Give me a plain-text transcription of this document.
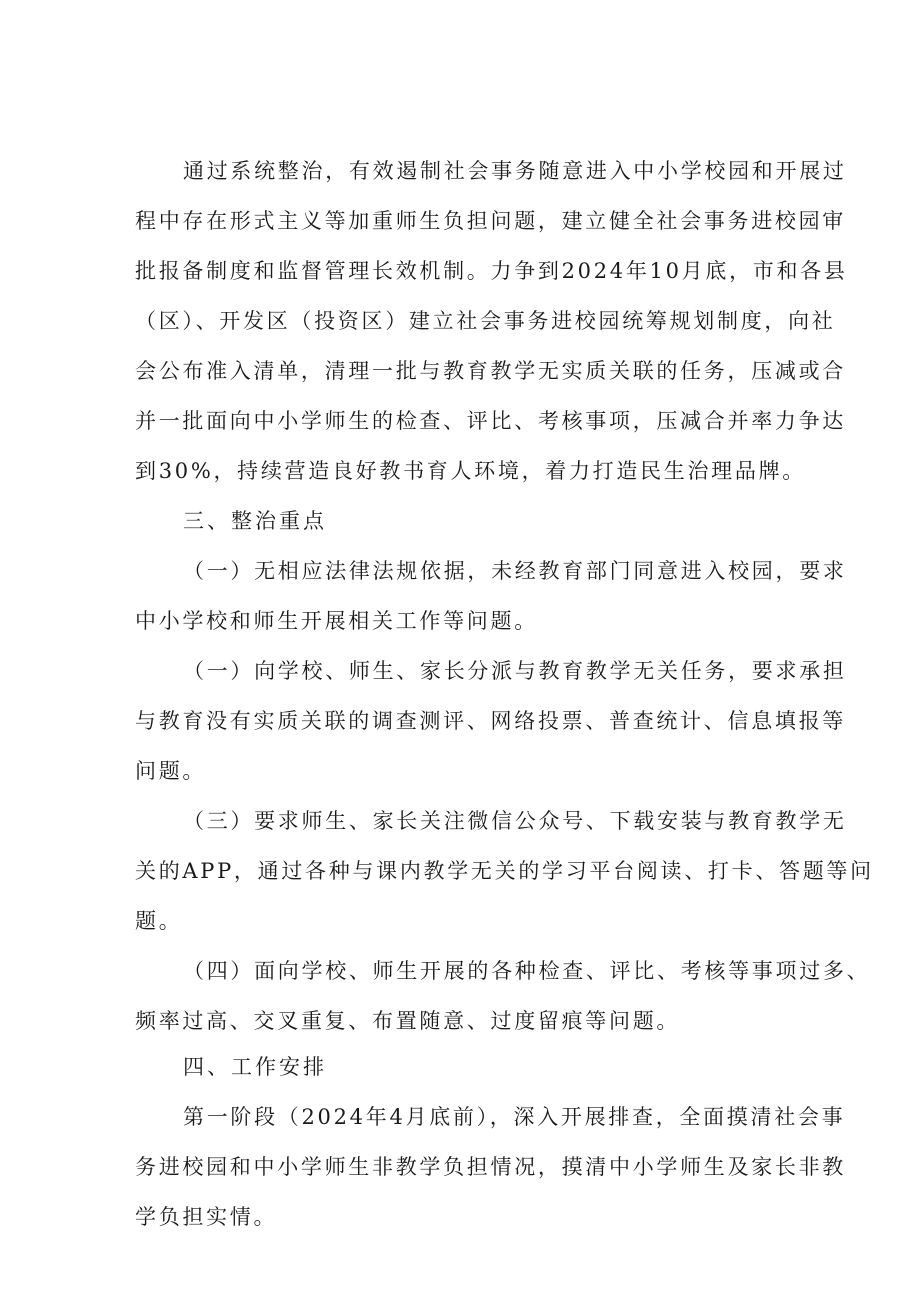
通过系统整治，有效遏制社会事务随意进入中小学校园和开展过
程中存在形式主义等加重师生负担问题，建立健全社会事务进校园审
批报备制度和监督管理长效机制。力争到2024年10月底，市和各县
（区）、开发区（投资区）建立社会事务进校园统筹规划制度，向社
会公布准入清单，清理一批与教育教学无实质关联的任务，压减或合
并一批面向中小学师生的检查、评比、考核事项，压减合并率力争达
到30%，持续营造良好教书育人环境，着力打造民生治理品牌。
三、整治重点
（一）无相应法律法规依据，未经教育部门同意进入校园，要求
中小学校和师生开展相关工作等问题。
（一）向学校、师生、家长分派与教育教学无关任务，要求承担
与教育没有实质关联的调查测评、网络投票、普查统计、信息填报等
问题。
（三）要求师生、家长关注微信公众号、下载安装与教育教学无
关的APP，通过各种与课内教学无关的学习平台阅读、打卡、答题等问
题。
（四）面向学校、师生开展的各种检查、评比、考核等事项过多、
频率过高、交叉重复、布置随意、过度留痕等问题。
四、工作安排
第一阶段（2024年4月底前），深入开展排查，全面摸清社会事
务进校园和中小学师生非教学负担情况，摸清中小学师生及家长非教
学负担实情。
